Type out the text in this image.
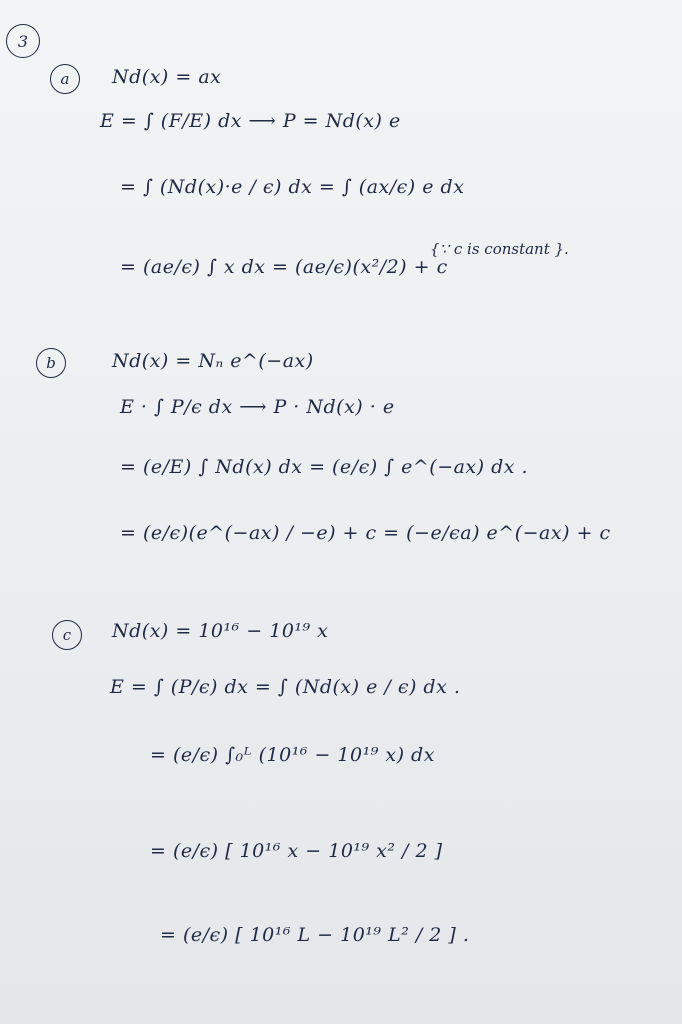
3
a Nd(x) = ax
E = ∫ (F/E) dx ⟶ P = Nd(x) e
= ∫ (Nd(x)·e / ϵ) dx = ∫ (ax/ϵ) e dx
= (ae/ϵ) ∫ x dx = (ae/ϵ)(x²/2) + c
{∵ c is constant }.
b	Nd(x) = Nₙ e^(−ax)
E · ∫ P/ϵ dx ⟶ P · Nd(x) · e
= (e/E) ∫ Nd(x) dx = (e/ϵ) ∫ e^(−ax) dx .
= (e/ϵ)(e^(−ax) / −e) + c = (−e/ϵa) e^(−ax) + c
c Nd(x) = 10¹⁶ − 10¹⁹ x
E = ∫ (P/ϵ) dx = ∫ (Nd(x) e / ϵ) dx .
= (e/ϵ) ∫₀ᴸ (10¹⁶ − 10¹⁹ x) dx
= (e/ϵ) [ 10¹⁶ x − 10¹⁹ x² / 2 ]
= (e/ϵ) [ 10¹⁶ L − 10¹⁹ L² / 2 ] .
